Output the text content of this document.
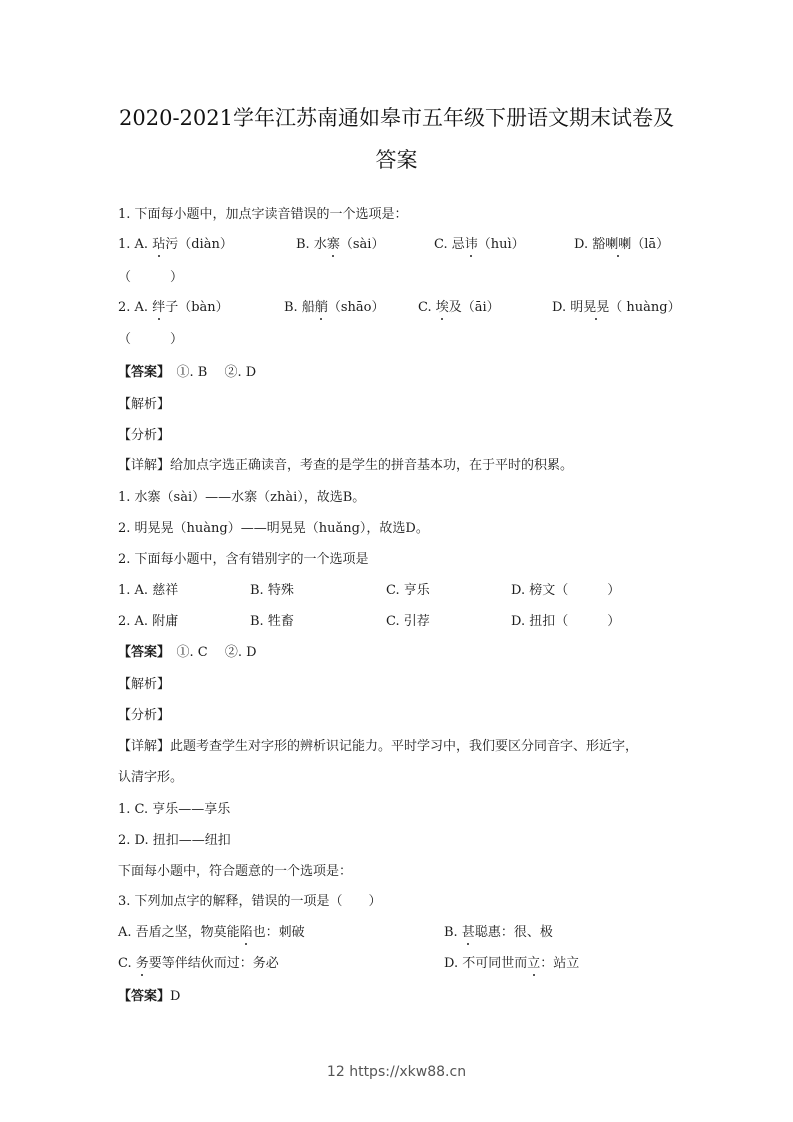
2020-2021学年江苏南通如皋市五年级下册语文期末试卷及
答案
1. 下面每小题中，加点字读音错误的一个选项是：
1. A. 玷污（diàn）	B. 水寨（sài）	C. 忌讳（huì）	D. 豁喇喇（lā）
（　　　）
2. A. 绊子（bàn）	B. 船艄（shāo）	C. 埃及（āi）	D. 明晃晃（ huàng）
（　　　）
【答案】　①. B　 ②. D
【解析】
【分析】
【详解】给加点字选正确读音，考查的是学生的拼音基本功，在于平时的积累。
1. 水寨（sài）——水寨（zhài），故选B。
2. 明晃晃（huàng）——明晃晃（huǎng），故选D。
2. 下面每小题中，含有错别字的一个选项是
1. A. 慈祥	B. 特殊	C. 亨乐	D. 榜文（　　　）
2. A. 附庸	B. 牲畜	C. 引荐	D. 扭扣（　　　）
【答案】　①. C　 ②. D
【解析】
【分析】
【详解】此题考查学生对字形的辨析识记能力。平时学习中，我们要区分同音字、形近字，
认清字形。
1. C. 亨乐——享乐
2. D. 扭扣——纽扣
下面每小题中，符合题意的一个选项是：
3. 下列加点字的解释，错误的一项是（　　）
A. 吾盾之坚，物莫能陷也：刺破	B. 甚聪惠：很、极
C. 务要等伴结伙而过：务必	D. 不可同世而立：站立
【答案】D
12 https://xkw88.cn
